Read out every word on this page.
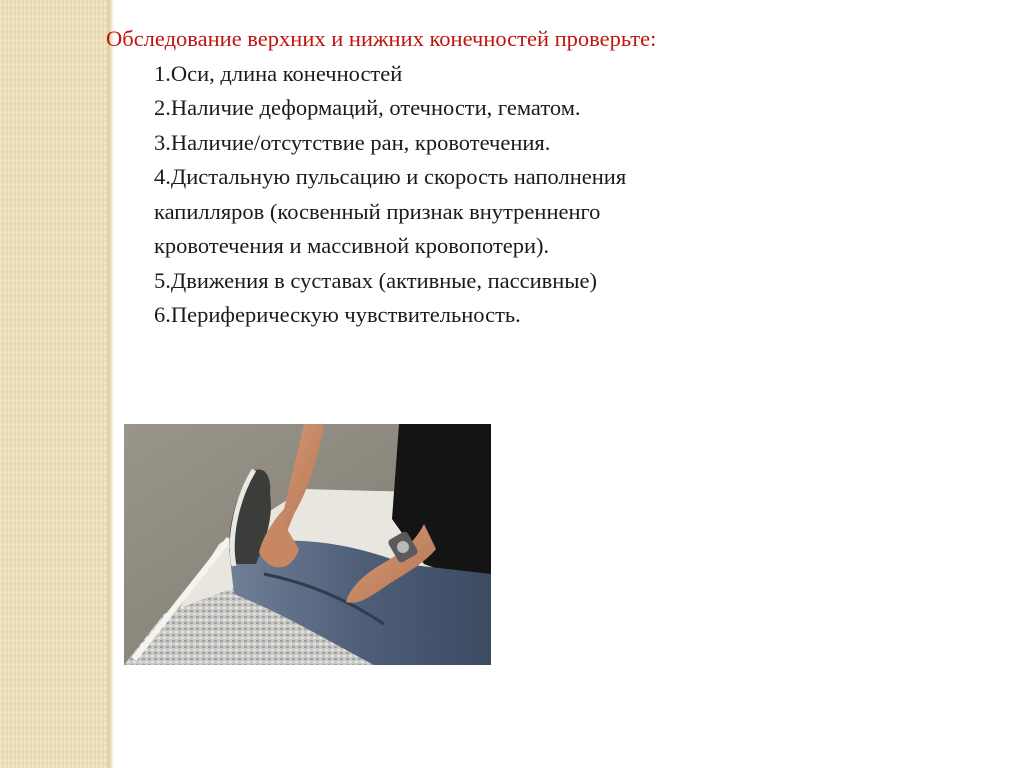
Обследование верхних и нижних конечностей проверьте:

1.Оси, длина конечностей
2.Наличие деформаций, отечности, гематом.
3.Наличие/отсутствие ран, кровотечения.
4.Дистальную пульсацию и скорость наполнения капилляров (косвенный признак внутренненго кровотечения и массивной кровопотери).
5.Движения в суставах (активные, пассивные)
6.Периферическую чувствительность.
